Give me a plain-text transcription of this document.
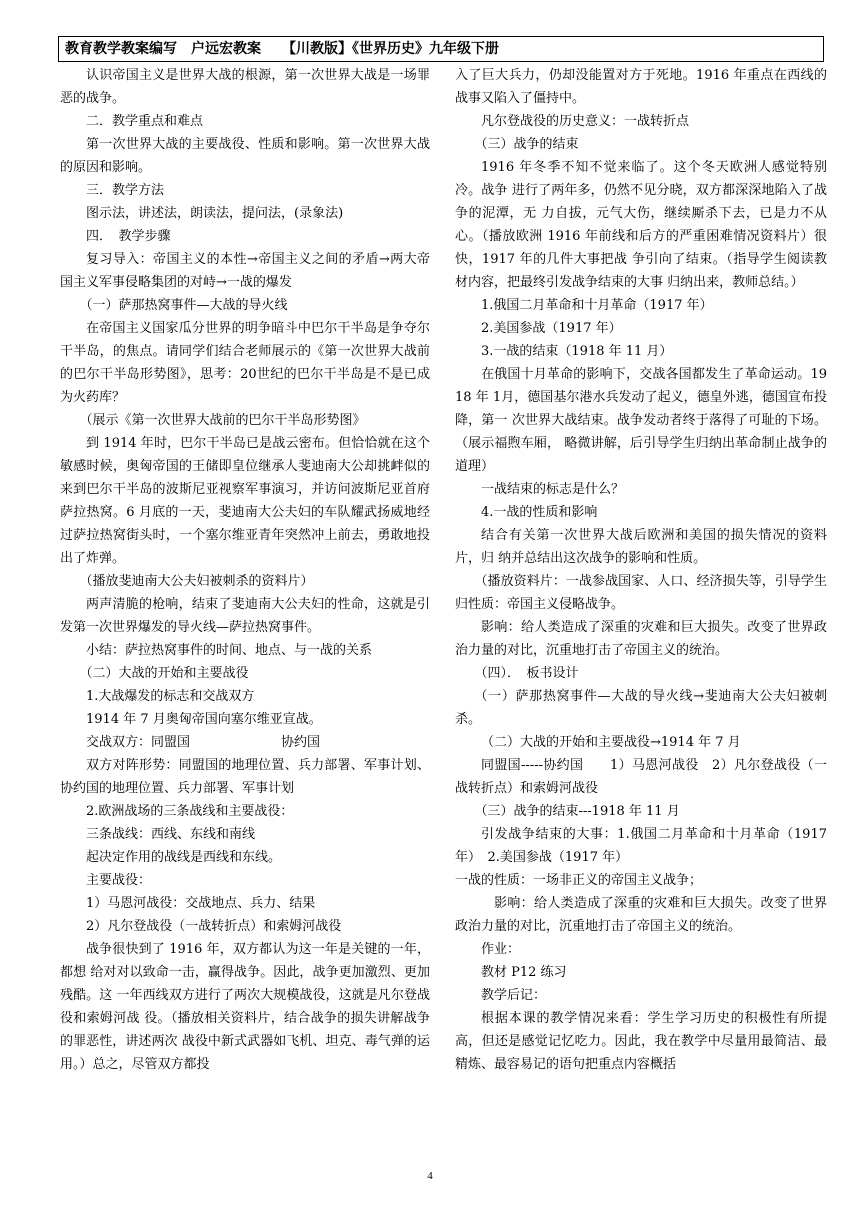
教育教学教案编写　户远宏教案　　【川教版】《世界历史》九年级下册

认识帝国主义是世界大战的根源，第一次世界大战是一场罪恶的战争。

二．教学重点和难点

第一次世界大战的主要战役、性质和影响。第一次世界大战的原因和影响。

三．教学方法

图示法，讲述法，朗读法，提问法，(录象法)

四．　教学步骤

复习导入：帝国主义的本性→帝国主义之间的矛盾→两大帝国主义军事侵略集团的对峙→一战的爆发

（一）萨那热窝事件—大战的导火线

在帝国主义国家瓜分世界的明争暗斗中巴尔干半岛是争夺尔干半岛，的焦点。请同学们结合老师展示的《第一次世界大战前的巴尔干半岛形势图》，思考：20世纪的巴尔干半岛是不是已成为火药库？

（展示《第一次世界大战前的巴尔干半岛形势图》

到 1914 年时，巴尔干半岛已是战云密布。但恰恰就在这个敏感时候，奥匈帝国的王储即皇位继承人斐迪南大公却挑衅似的来到巴尔干半岛的波斯尼亚视察军事演习，并访问波斯尼亚首府萨拉热窝。6 月底的一天，斐迪南大公夫妇的车队耀武扬威地经过萨拉热窝街头时，一个塞尔维亚青年突然冲上前去，勇敢地投出了炸弹。

（播放斐迪南大公夫妇被刺杀的资料片）

两声清脆的枪响，结束了斐迪南大公夫妇的性命，这就是引发第一次世界爆发的导火线—萨拉热窝事件。

小结：萨拉热窝事件的时间、地点、与一战的关系

（二）大战的开始和主要战役

1.大战爆发的标志和交战双方

1914 年 7 月奥匈帝国向塞尔维亚宣战。

交战双方：同盟国　　　　　　　协约国

双方对阵形势：同盟国的地理位置、兵力部署、军事计划、协约国的地理位置、兵力部署、军事计划

2.欧洲战场的三条战线和主要战役：

三条战线：西线、东线和南线

起决定作用的战线是西线和东线。

主要战役：

1）马恩河战役：交战地点、兵力、结果

2）凡尔登战役（一战转折点）和索姆河战役

战争很快到了 1916 年，双方都认为这一年是关键的一年，都想 给对对以致命一击，赢得战争。因此，战争更加激烈、更加残酷。这 一年西线双方进行了两次大规模战役，这就是凡尔登战役和索姆河战 役。（播放相关资料片，结合战争的损失讲解战争的罪恶性，讲述两次 战役中新式武器如飞机、坦克、毒气弹的运用。）总之，尽管双方都投

入了巨大兵力，仍却没能置对方于死地。1916 年重点在西线的战事又陷入了僵持中。

凡尔登战役的历史意义：一战转折点

（三）战争的结束

1916 年冬季不知不觉来临了。这个冬天欧洲人感觉特别冷。战争 进行了两年多，仍然不见分晓，双方都深深地陷入了战争的泥潭，无 力自拔，元气大伤，继续厮杀下去，已是力不从心。（播放欧洲 1916 年前线和后方的严重困难情况资料片）很快，1917 年的几件大事把战 争引向了结束。（指导学生阅读教材内容，把最终引发战争结束的大事 归纳出来，教师总结。）

1.俄国二月革命和十月革命（1917 年）

2.美国参战（1917 年）

3.一战的结束（1918 年 11 月）

在俄国十月革命的影响下，交战各国都发生了革命运动。1918 年 1月，德国基尔港水兵发动了起义，德皇外逃，德国宣布投降，第一 次世界大战结束。战争发动者终于落得了可耻的下场。（展示福煦车厢， 略微讲解，后引导学生归纳出革命制止战争的道理）

一战结束的标志是什么？

4.一战的性质和影响

结合有关第一次世界大战后欧洲和美国的损失情况的资料片，归 纳并总结出这次战争的影响和性质。

（播放资料片：一战参战国家、人口、经济损失等，引导学生归性质：帝国主义侵略战争。

影响：给人类造成了深重的灾难和巨大损失。改变了世界政治力量的对比，沉重地打击了帝国主义的统治。

（四）．　板书设计

（一）萨那热窝事件—大战的导火线→斐迪南大公夫妇被刺杀。

（二）大战的开始和主要战役→1914 年 7 月

同盟国-----协约国　　1）马恩河战役　2）凡尔登战役（一战转折点）和索姆河战役

（三）战争的结束---1918 年 11 月

引发战争结束的大事：1.俄国二月革命和十月革命（1917 年）　2.美国参战（1917 年）

一战的性质：一场非正义的帝国主义战争；

影响：给人类造成了深重的灾难和巨大损失。改变了世界政治力量的对比，沉重地打击了帝国主义的统治。

作业：

教材 P12 练习

教学后记：

根据本课的教学情况来看：学生学习历史的积极性有所提高，但还是感觉记忆吃力。因此，我在教学中尽量用最简洁、最精炼、最容易记的语句把重点内容概括

4
